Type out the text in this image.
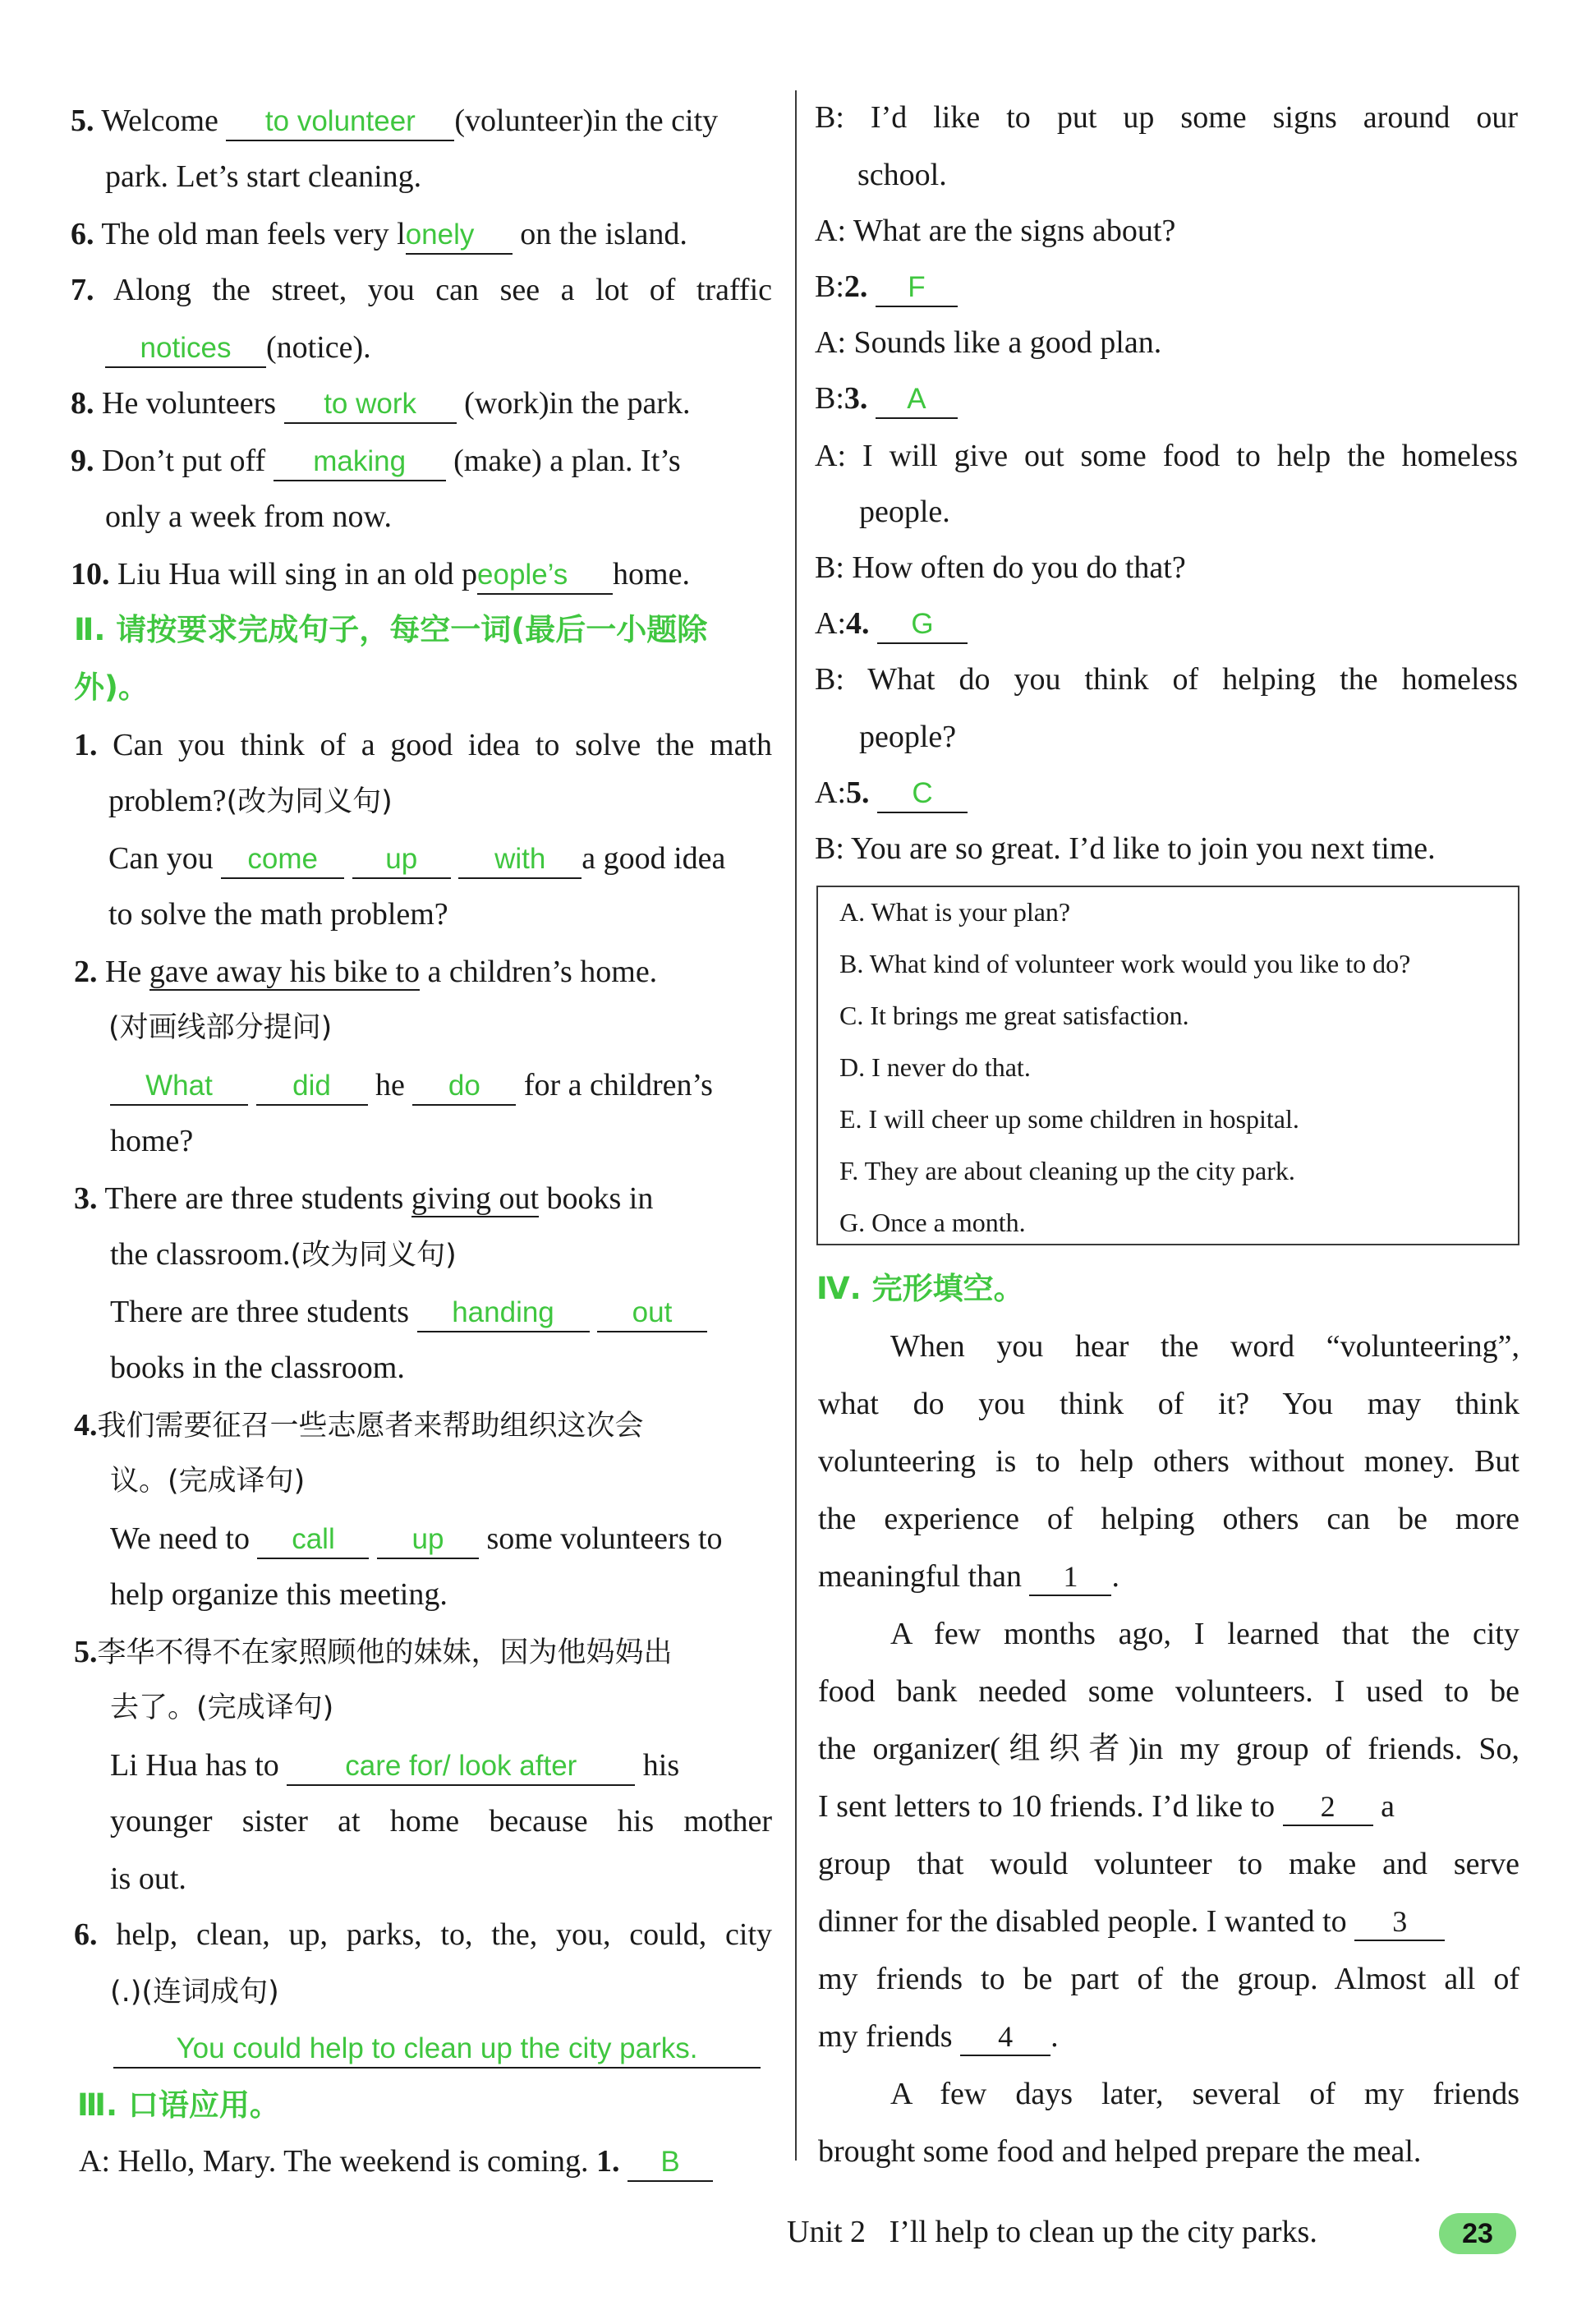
5. Welcome to volunteer (volunteer)in the city
park. Let’s start cleaning.
6. The old man feels very lonely on the island.
7. Along the street, you can see a lot of traffic
notices (notice).
8. He volunteers to work (work)in the park.
9. Don’t put off making (make) a plan. It’s
only a week from now.
10. Liu Hua will sing in an old people’s home.
Ⅱ. 请按要求完成句子，每空一词(最后一小题除
外)。
1. Can you think of a good idea to solve the math
problem?(改为同义句)
Can you come up	with a good idea
to solve the math problem?
2. He gave away his bike to a children’s home.
(对画线部分提问)
What	did he do for a children’s
home?
3. There are three students giving out books in
the classroom.(改为同义句)
There are three students handing	out
books in the classroom.
4.我们需要征召一些志愿者来帮助组织这次会
议。(完成译句)
We need to call	up some volunteers to
help organize this meeting.
5.李华不得不在家照顾他的妹妹，因为他妈妈出
去了。(完成译句)
Li Hua has to care for/ look after his
younger sister at home because his mother
is out.
6. help, clean, up, parks, to, the, you, could, city
(.)(连词成句)
You could help to clean up the city parks.
Ⅲ. 口语应用。
A: Hello, Mary. The weekend is coming. 1. B
B: I’d like to put up some signs around our
school.
A: What are the signs about?
B:2. F
A: Sounds like a good plan.
B:3. A
A: I will give out some food to help the homeless
people.
B: How often do you do that?
A:4. G
B: What do you think of helping the homeless
people?
A:5. C
B: You are so great. I’d like to join you next time.
A. What is your plan?
B. What kind of volunteer work would you like to do?
C. It brings me great satisfaction.
D. I never do that.
E. I will cheer up some children in hospital.
F. They are about cleaning up the city park.
G. Once a month.
Ⅳ. 完形填空。
When you hear the word “volunteering”,
what do you think of it? You may think
volunteering is to help others without money. But
the experience of helping others can be more
meaningful than 1 .
A few months ago, I learned that the city
food bank needed some volunteers. I used to be
the organizer(组织者)in my group of friends. So,
I sent letters to 10 friends. I’d like to 2 a
group that would volunteer to make and serve
dinner for the disabled people. I wanted to 3
my friends to be part of the group. Almost all of
my friends 4 .
A few days later, several of my friends
brought some food and helped prepare the meal.
Unit 2 I’ll help to clean up the city parks.	23
